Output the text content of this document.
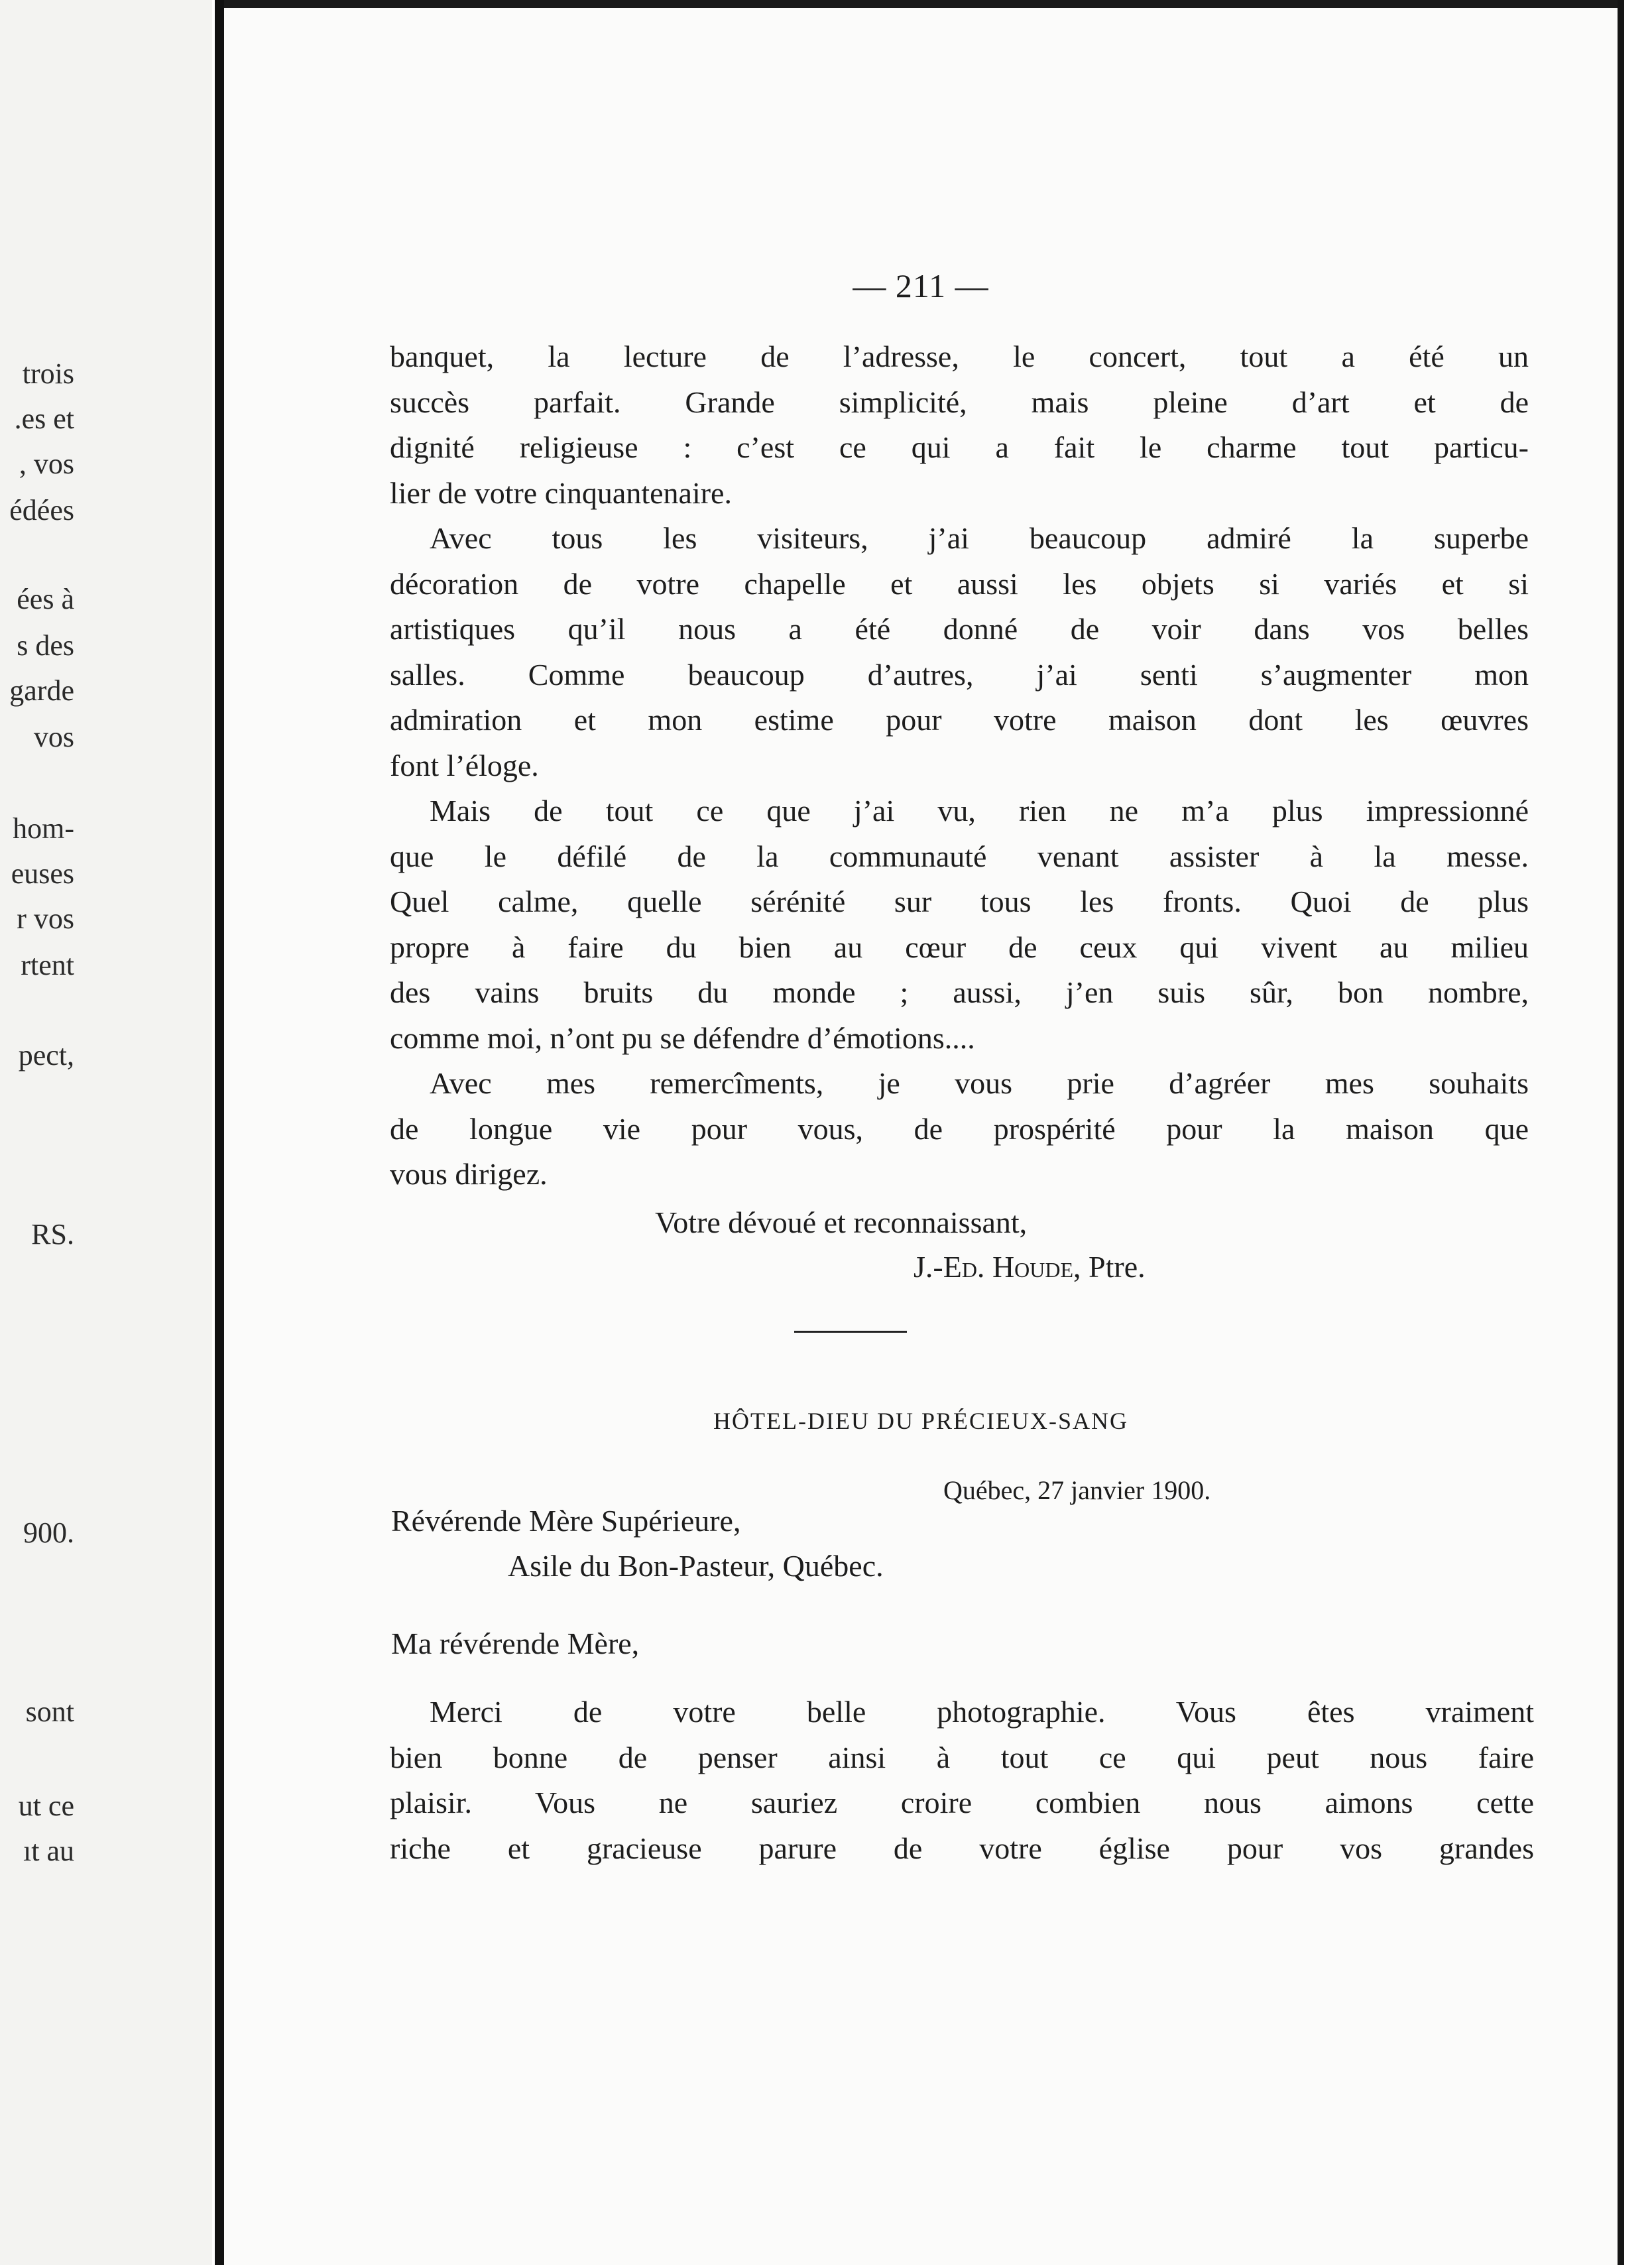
trois
.es et
, vos
édées
ées à
s des
garde
vos
hom-
euses
r vos
rtent
pect,
RS.
900.
sont
ut ce
ıt au
— 211 —
banquet, la lecture de l’adresse, le concert, tout a été un
succès parfait. Grande simplicité, mais pleine d’art et de
dignité religieuse : c’est ce qui a fait le charme tout particu-
lier de votre cinquantenaire.
Avec tous les visiteurs, j’ai beaucoup admiré la superbe
décoration de votre chapelle et aussi les objets si variés et si
artistiques qu’il nous a été donné de voir dans vos belles
salles. Comme beaucoup d’autres, j’ai senti s’augmenter mon
admiration et mon estime pour votre maison dont les œuvres
font l’éloge.
Mais de tout ce que j’ai vu, rien ne m’a plus impressionné
que le défilé de la communauté venant assister à la messe.
Quel calme, quelle sérénité sur tous les fronts. Quoi de plus
propre à faire du bien au cœur de ceux qui vivent au milieu
des vains bruits du monde ; aussi, j’en suis sûr, bon nombre,
comme moi, n’ont pu se défendre d’émotions....
Avec mes remercîments, je vous prie d’agréer mes souhaits
de longue vie pour vous, de prospérité pour la maison que
vous dirigez.
Votre dévoué et reconnaissant,
J.-Ed. Houde, Ptre.
HÔTEL-DIEU DU PRÉCIEUX-SANG
Québec, 27 janvier 1900.
Révérende Mère Supérieure,
Asile du Bon-Pasteur, Québec.
Ma révérende Mère,
Merci de votre belle photographie. Vous êtes vraiment
bien bonne de penser ainsi à tout ce qui peut nous faire
plaisir. Vous ne sauriez croire combien nous aimons cette
riche et gracieuse parure de votre église pour vos grandes
